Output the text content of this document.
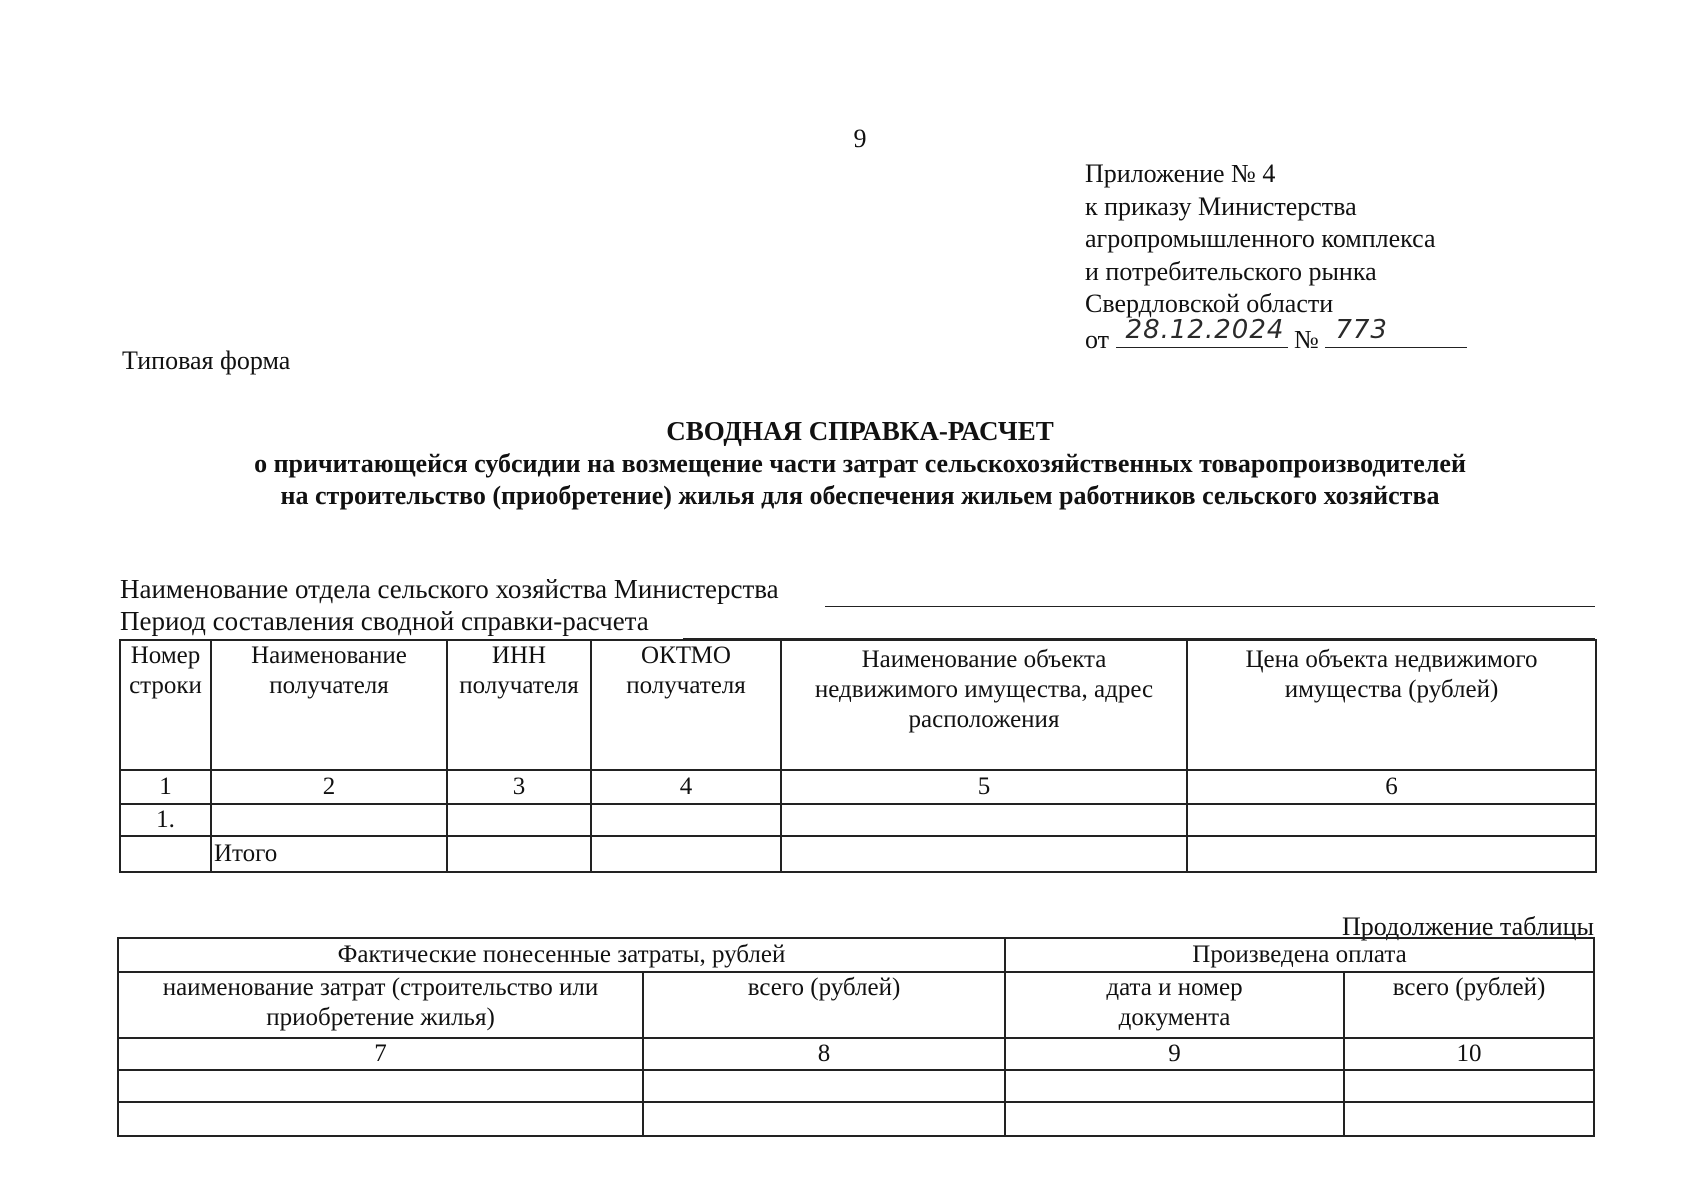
9
Приложение № 4
к приказу Министерства
агропромышленного комплекса
и потребительского рынка
Свердловской области
от 28.12.2024 № 773
Типовая форма
СВОДНАЯ СПРАВКА-РАСЧЕТ
о причитающейся субсидии на возмещение части затрат сельскохозяйственных товаропроизводителей
на строительство (приобретение) жилья для обеспечения жильем работников сельского хозяйства
Наименование отдела сельского хозяйства Министерства
Период составления сводной справки-расчета
Номер строки	Наименование получателя	ИНН получателя	ОКТМО получателя	Наименование объекта недвижимого имущества, адрес расположения	Цена объекта недвижимого имущества (рублей)
1	2	3	4	5	6
1.					
	Итого				
Продолжение таблицы
Фактические понесенные затраты, рублей		Произведена оплата	
наименование затрат (строительство или приобретение жилья)	всего (рублей)	дата и номер документа	всего (рублей)
7	8	9	10
